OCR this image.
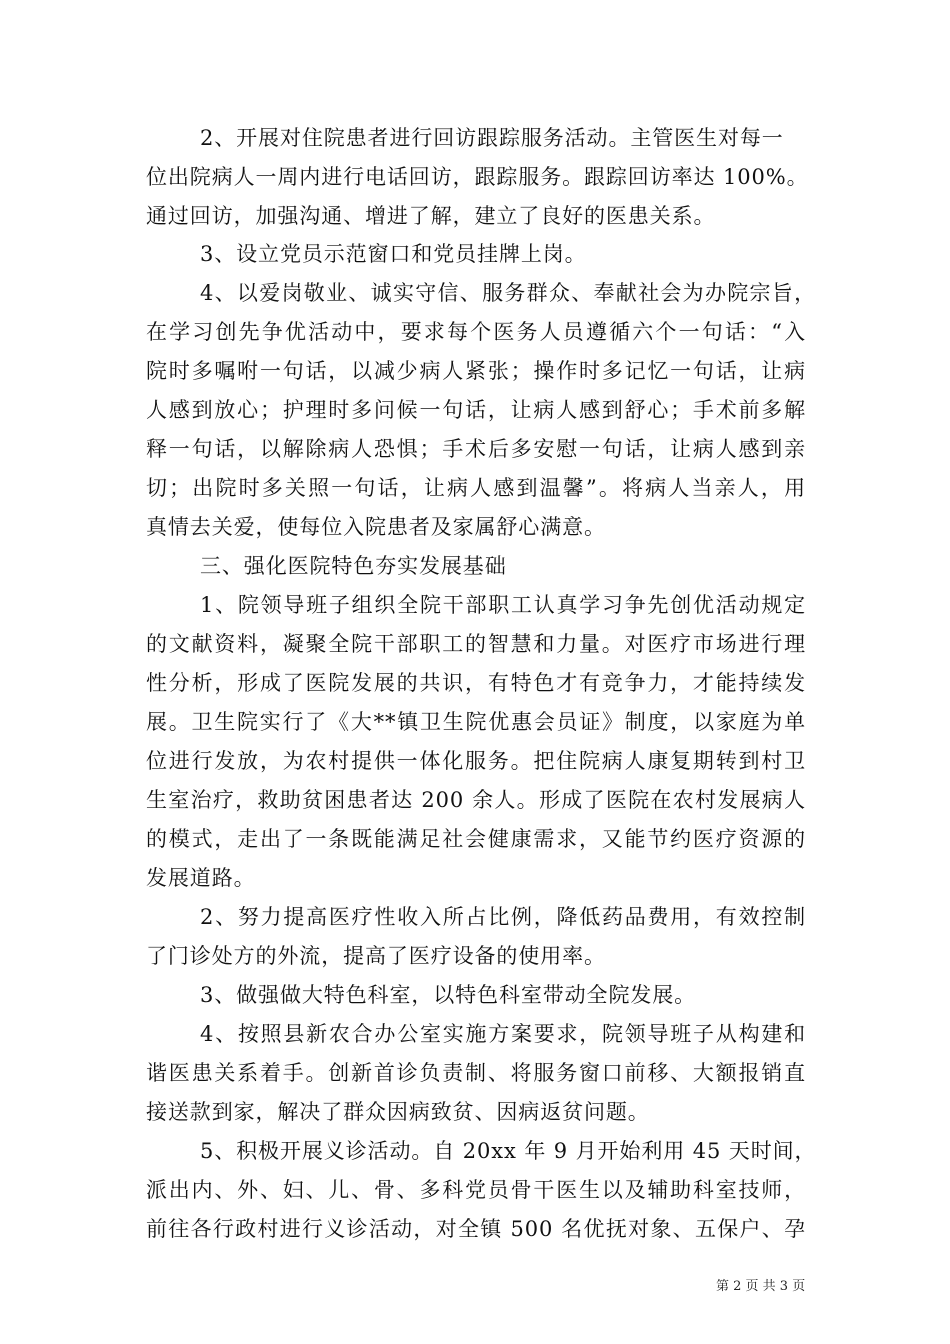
2、开展对住院患者进行回访跟踪服务活动。主管医生对每一
位出院病人一周内进行电话回访，跟踪服务。跟踪回访率达 100%。
通过回访，加强沟通、增进了解，建立了良好的医患关系。
3、设立党员示范窗口和党员挂牌上岗。
4、以爱岗敬业、诚实守信、服务群众、奉献社会为办院宗旨，
在学习创先争优活动中，要求每个医务人员遵循六个一句话：“入
院时多嘱咐一句话，以减少病人紧张；操作时多记忆一句话，让病
人感到放心；护理时多问候一句话，让病人感到舒心；手术前多解
释一句话，以解除病人恐惧；手术后多安慰一句话，让病人感到亲
切；出院时多关照一句话，让病人感到温馨”。将病人当亲人，用
真情去关爱，使每位入院患者及家属舒心满意。
三、强化医院特色夯实发展基础
1、院领导班子组织全院干部职工认真学习争先创优活动规定
的文献资料，凝聚全院干部职工的智慧和力量。对医疗市场进行理
性分析，形成了医院发展的共识，有特色才有竞争力，才能持续发
展。卫生院实行了《大**镇卫生院优惠会员证》制度，以家庭为单
位进行发放，为农村提供一体化服务。把住院病人康复期转到村卫
生室治疗，救助贫困患者达 200 余人。形成了医院在农村发展病人
的模式，走出了一条既能满足社会健康需求，又能节约医疗资源的
发展道路。
2、努力提高医疗性收入所占比例，降低药品费用，有效控制
了门诊处方的外流，提高了医疗设备的使用率。
3、做强做大特色科室，以特色科室带动全院发展。
4、按照县新农合办公室实施方案要求，院领导班子从构建和
谐医患关系着手。创新首诊负责制、将服务窗口前移、大额报销直
接送款到家，解决了群众因病致贫、因病返贫问题。
5、积极开展义诊活动。自 20xx 年 9 月开始利用 45 天时间，
派出内、外、妇、儿、骨、多科党员骨干医生以及辅助科室技师，
前往各行政村进行义诊活动，对全镇 500 名优抚对象、五保户、孕
第 2 页 共 3 页
